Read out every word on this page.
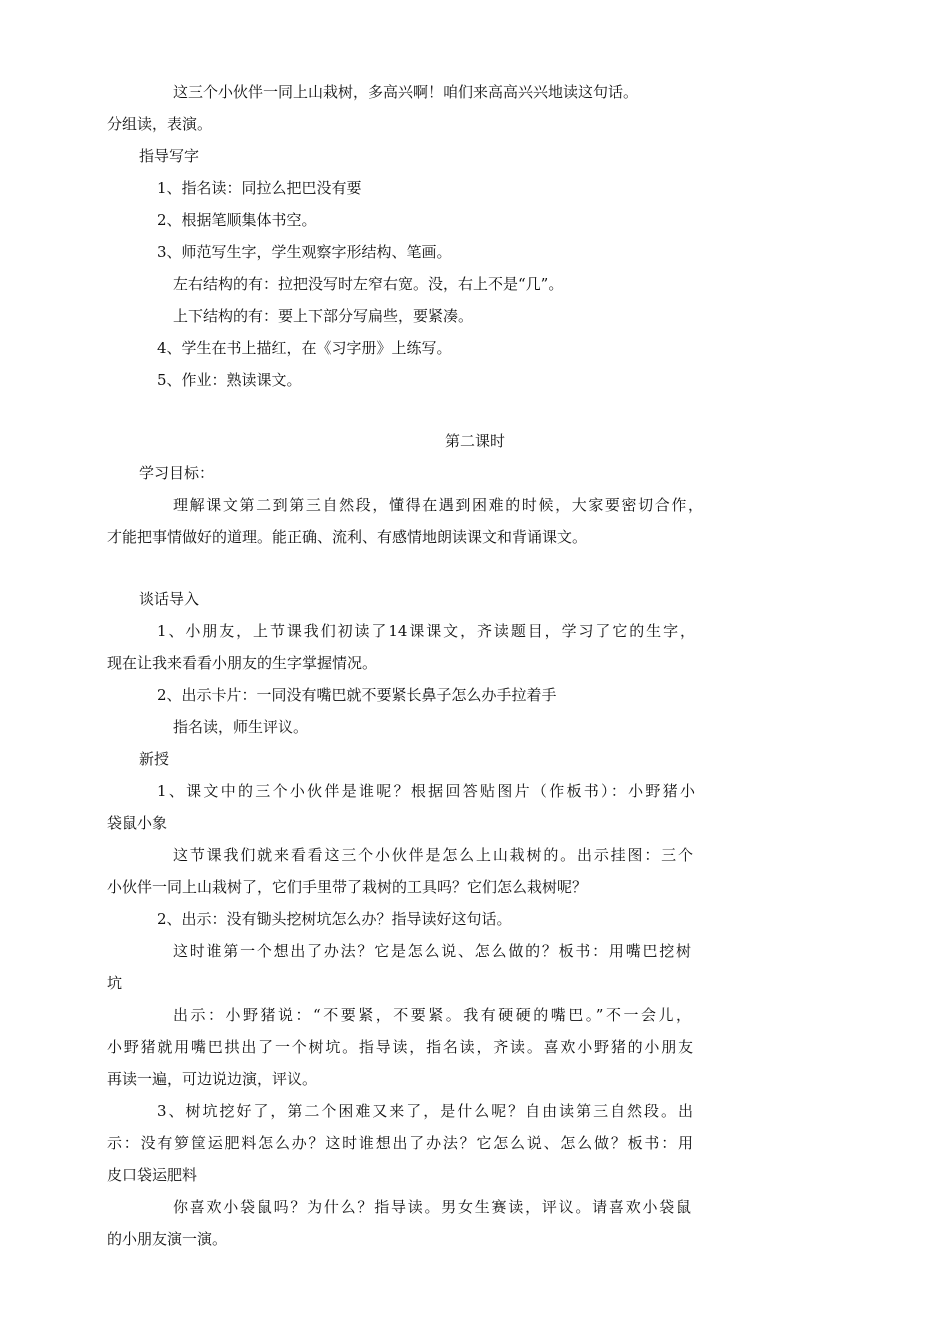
这三个小伙伴一同上山栽树，多高兴啊！咱们来高高兴兴地读这句话。
分组读，表演。
指导写字
1、指名读：同拉么把巴没有要
2、根据笔顺集体书空。
3、师范写生字，学生观察字形结构、笔画。
左右结构的有：拉把没写时左窄右宽。没，右上不是“几”。
上下结构的有：要上下部分写扁些，要紧凑。
4、学生在书上描红，在《习字册》上练写。
5、作业：熟读课文。
第二课时
学习目标：
理解课文第二到第三自然段，懂得在遇到困难的时候，大家要密切合作，
才能把事情做好的道理。能正确、流利、有感情地朗读课文和背诵课文。
谈话导入
1、小朋友，上节课我们初读了14课课文，齐读题目，学习了它的生字，
现在让我来看看小朋友的生字掌握情况。
2、出示卡片：一同没有嘴巴就不要紧长鼻子怎么办手拉着手
指名读，师生评议。
新授
1、课文中的三个小伙伴是谁呢？根据回答贴图片（作板书）：小野猪小
袋鼠小象
这节课我们就来看看这三个小伙伴是怎么上山栽树的。出示挂图：三个
小伙伴一同上山栽树了，它们手里带了栽树的工具吗？它们怎么栽树呢？
2、出示：没有锄头挖树坑怎么办？指导读好这句话。
这时谁第一个想出了办法？它是怎么说、怎么做的？板书：用嘴巴挖树
坑
出示：小野猪说：“不要紧，不要紧。我有硬硬的嘴巴。”不一会儿，
小野猪就用嘴巴拱出了一个树坑。指导读，指名读，齐读。喜欢小野猪的小朋友
再读一遍，可边说边演，评议。
3、树坑挖好了，第二个困难又来了，是什么呢？自由读第三自然段。出
示：没有箩筐运肥料怎么办？这时谁想出了办法？它怎么说、怎么做？板书：用
皮口袋运肥料
你喜欢小袋鼠吗？为什么？指导读。男女生赛读，评议。请喜欢小袋鼠
的小朋友演一演。
